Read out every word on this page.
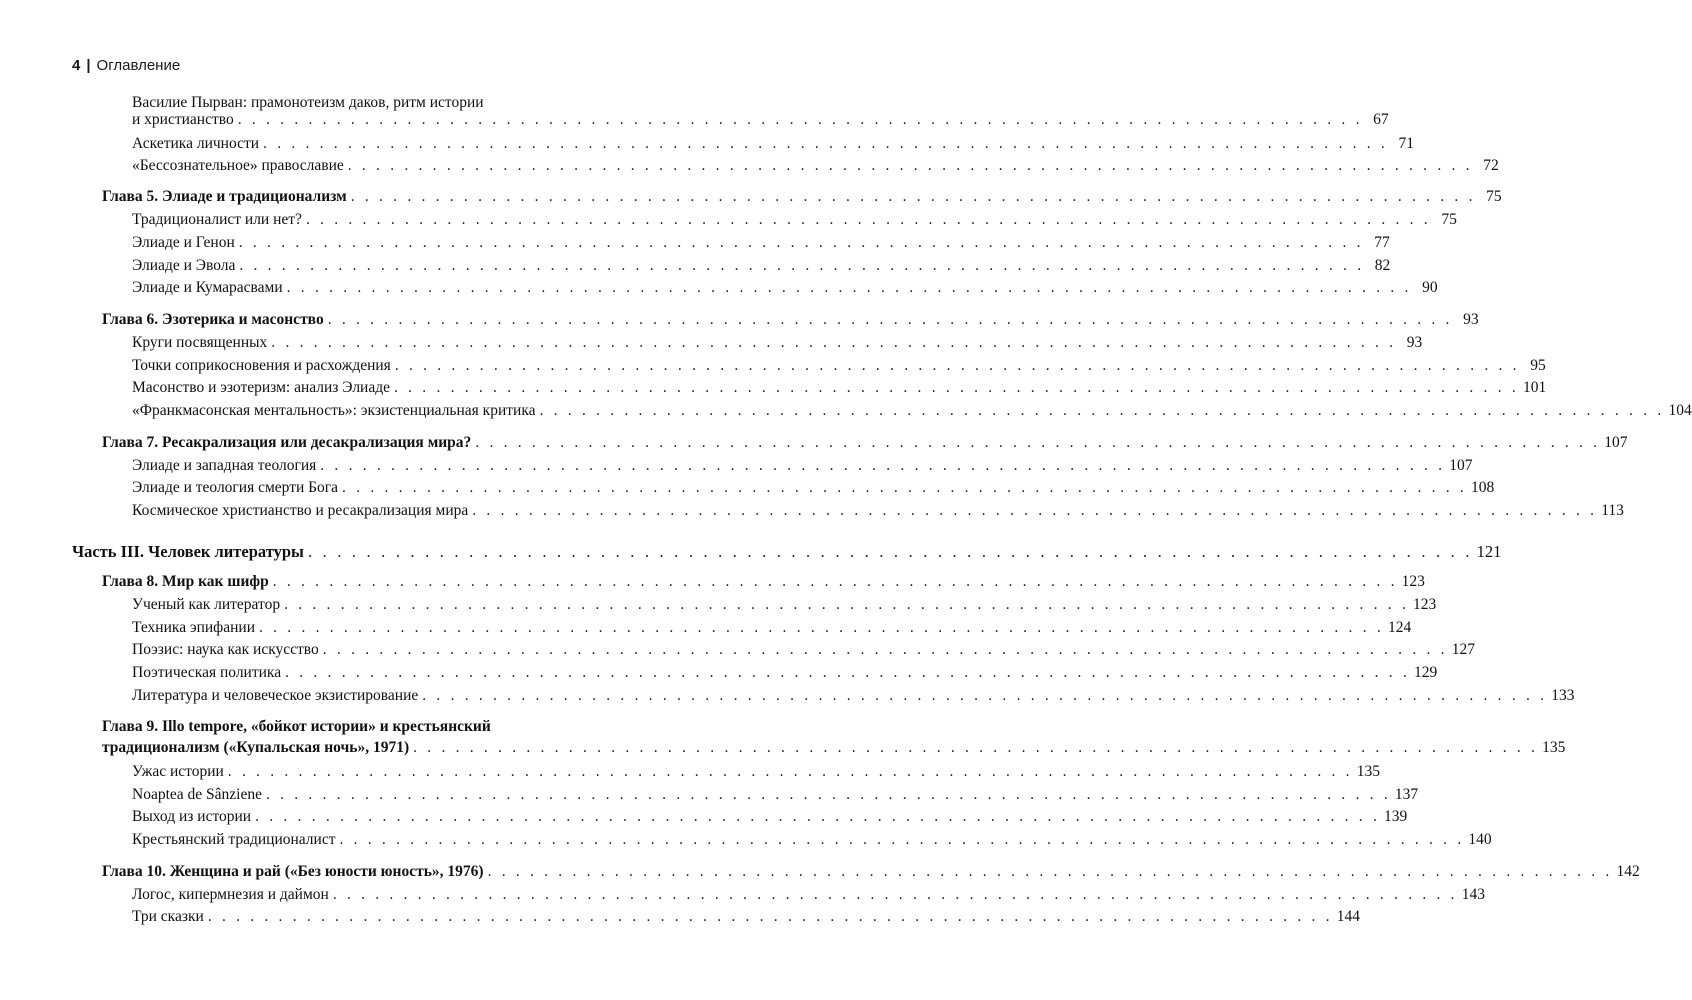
4 | Оглавление
Василие Пырван: прамонотеизм даков, ритм истории
и христианство . . . . . . . . . . . . . . . . . . . . . . . . . . . . . . . . . . . . . . . . . . . . . . . . . . . . . . . . . . . . . . . . . . . . . . . . . . . . . . . . 67
Аскетика личности . . . . . . . . . . . . . . . . . . . . . . . . . . . . . . . . . . . . . . . . . . . . . . . . . . . . . . . . . . . . . . . . . . . . . . . . . . . . . . . . 71
«Бессознательное» православие . . . . . . . . . . . . . . . . . . . . . . . . . . . . . . . . . . . . . . . . . . . . . . . . . . . . . . . . . . . . . . . . . . . . . . . . . . . . . . . . 72
Глава 5. Элиаде и традиционализм . . . . . . . . . . . . . . . . . . . . . . . . . . . . . . . . . . . . . . . . . . . . . . . . . . . . . . . . . . . . . . . . . . . . . . . . . . . . . . . . 75
Традиционалист или нет? . . . . . . . . . . . . . . . . . . . . . . . . . . . . . . . . . . . . . . . . . . . . . . . . . . . . . . . . . . . . . . . . . . . . . . . . . . . . . . . . 75
Элиаде и Генон . . . . . . . . . . . . . . . . . . . . . . . . . . . . . . . . . . . . . . . . . . . . . . . . . . . . . . . . . . . . . . . . . . . . . . . . . . . . . . . . 77
Элиаде и Эвола . . . . . . . . . . . . . . . . . . . . . . . . . . . . . . . . . . . . . . . . . . . . . . . . . . . . . . . . . . . . . . . . . . . . . . . . . . . . . . . . 82
Элиаде и Кумарасвами . . . . . . . . . . . . . . . . . . . . . . . . . . . . . . . . . . . . . . . . . . . . . . . . . . . . . . . . . . . . . . . . . . . . . . . . . . . . . . . . 90
Глава 6. Эзотерика и масонство . . . . . . . . . . . . . . . . . . . . . . . . . . . . . . . . . . . . . . . . . . . . . . . . . . . . . . . . . . . . . . . . . . . . . . . . . . . . . . . . 93
Круги посвященных . . . . . . . . . . . . . . . . . . . . . . . . . . . . . . . . . . . . . . . . . . . . . . . . . . . . . . . . . . . . . . . . . . . . . . . . . . . . . . . . 93
Точки соприкосновения и расхождения . . . . . . . . . . . . . . . . . . . . . . . . . . . . . . . . . . . . . . . . . . . . . . . . . . . . . . . . . . . . . . . . . . . . . . . . . . . . . . . . 95
Масонство и эзотеризм: анализ Элиаде . . . . . . . . . . . . . . . . . . . . . . . . . . . . . . . . . . . . . . . . . . . . . . . . . . . . . . . . . . . . . . . . . . . . . . . . . . . . . . . . 101
«Франкмасонская ментальность»: экзистенциальная критика . . . . . . . . . . . . . . . . . . . . . . . . . . . . . . . . . . . . . . . . . . . . . . . . . . . . . . . . . . . . . . . . . . . . . . . . . . . . . . . . 104
Глава 7. Ресакрализация или десакрализация мира? . . . . . . . . . . . . . . . . . . . . . . . . . . . . . . . . . . . . . . . . . . . . . . . . . . . . . . . . . . . . . . . . . . . . . . . . . . . . . . . . 107
Элиаде и западная теология . . . . . . . . . . . . . . . . . . . . . . . . . . . . . . . . . . . . . . . . . . . . . . . . . . . . . . . . . . . . . . . . . . . . . . . . . . . . . . . . 107
Элиаде и теология смерти Бога . . . . . . . . . . . . . . . . . . . . . . . . . . . . . . . . . . . . . . . . . . . . . . . . . . . . . . . . . . . . . . . . . . . . . . . . . . . . . . . . 108
Космическое христианство и ресакрализация мира . . . . . . . . . . . . . . . . . . . . . . . . . . . . . . . . . . . . . . . . . . . . . . . . . . . . . . . . . . . . . . . . . . . . . . . . . . . . . . . . 113
Часть III. Человек литературы . . . . . . . . . . . . . . . . . . . . . . . . . . . . . . . . . . . . . . . . . . . . . . . . . . . . . . . . . . . . . . . . . . . . . . . . . . . . . . . . 121
Глава 8. Мир как шифр . . . . . . . . . . . . . . . . . . . . . . . . . . . . . . . . . . . . . . . . . . . . . . . . . . . . . . . . . . . . . . . . . . . . . . . . . . . . . . . . 123
Ученый как литератор . . . . . . . . . . . . . . . . . . . . . . . . . . . . . . . . . . . . . . . . . . . . . . . . . . . . . . . . . . . . . . . . . . . . . . . . . . . . . . . . 123
Техника эпифании . . . . . . . . . . . . . . . . . . . . . . . . . . . . . . . . . . . . . . . . . . . . . . . . . . . . . . . . . . . . . . . . . . . . . . . . . . . . . . . . 124
Поэзис: наука как искусство . . . . . . . . . . . . . . . . . . . . . . . . . . . . . . . . . . . . . . . . . . . . . . . . . . . . . . . . . . . . . . . . . . . . . . . . . . . . . . . . 127
Поэтическая политика . . . . . . . . . . . . . . . . . . . . . . . . . . . . . . . . . . . . . . . . . . . . . . . . . . . . . . . . . . . . . . . . . . . . . . . . . . . . . . . . 129
Литература и человеческое экзистирование . . . . . . . . . . . . . . . . . . . . . . . . . . . . . . . . . . . . . . . . . . . . . . . . . . . . . . . . . . . . . . . . . . . . . . . . . . . . . . . . 133
Глава 9. Illo tempore, «бойкот истории» и крестьянский
традиционализм («Купальская ночь», 1971) . . . . . . . . . . . . . . . . . . . . . . . . . . . . . . . . . . . . . . . . . . . . . . . . . . . . . . . . . . . . . . . . . . . . . . . . . . . . . . . . 135
Ужас истории . . . . . . . . . . . . . . . . . . . . . . . . . . . . . . . . . . . . . . . . . . . . . . . . . . . . . . . . . . . . . . . . . . . . . . . . . . . . . . . . 135
Noaptea de Sânziene . . . . . . . . . . . . . . . . . . . . . . . . . . . . . . . . . . . . . . . . . . . . . . . . . . . . . . . . . . . . . . . . . . . . . . . . . . . . . . . . 137
Выход из истории . . . . . . . . . . . . . . . . . . . . . . . . . . . . . . . . . . . . . . . . . . . . . . . . . . . . . . . . . . . . . . . . . . . . . . . . . . . . . . . . 139
Крестьянский традиционалист . . . . . . . . . . . . . . . . . . . . . . . . . . . . . . . . . . . . . . . . . . . . . . . . . . . . . . . . . . . . . . . . . . . . . . . . . . . . . . . . 140
Глава 10. Женщина и рай («Без юности юность», 1976) . . . . . . . . . . . . . . . . . . . . . . . . . . . . . . . . . . . . . . . . . . . . . . . . . . . . . . . . . . . . . . . . . . . . . . . . . . . . . . . . 142
Логос, кипермнезия и даймон . . . . . . . . . . . . . . . . . . . . . . . . . . . . . . . . . . . . . . . . . . . . . . . . . . . . . . . . . . . . . . . . . . . . . . . . . . . . . . . . 143
Три сказки . . . . . . . . . . . . . . . . . . . . . . . . . . . . . . . . . . . . . . . . . . . . . . . . . . . . . . . . . . . . . . . . . . . . . . . . . . . . . . . . 144
